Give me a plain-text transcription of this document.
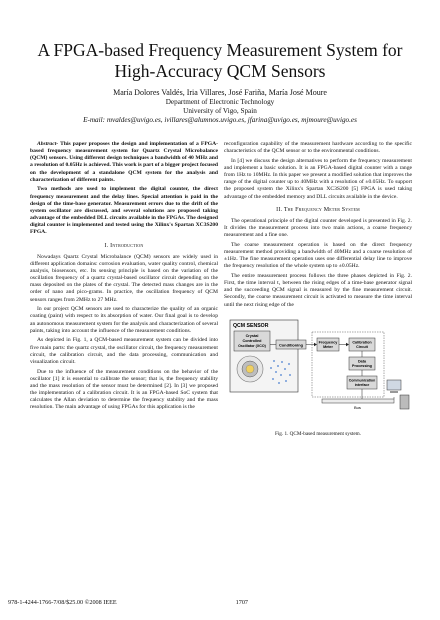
A FPGA-based Frequency Measurement System for
High-Accuracy QCM Sensors
María Dolores Valdés, Iria Villares, José Fariña, María José Moure
Department of Electronic Technology
University of Vigo, Spain
E-mail: mvaldes@uvigo.es, ivillares@alumnos.uvigo.es, jfarina@uvigo.es, mjmoure@uvigo.es

Abstract- This paper proposes the design and implementation of a FPGA-based frequency measurement system for Quartz Crystal Microbalance (QCM) sensors. Using different design techniques a bandwidth of 40 MHz and a resolution of 0.05Hz is achieved. This work is part of a bigger project focused on the development of a standalone QCM system for the analysis and characterization of different paints.

Two methods are used to implement the digital counter, the direct frequency measurement and the delay lines. Special attention is paid in the design of the time-base generator. Measurement errors due to the drift of the system oscillator are discussed, and several solutions are proposed taking advantage of the embedded DLL circuits available in the FPGAs. The designed digital counter is implemented and tested using the Xilinx's Spartan XC3S200 FPGA.

I. Introduction

Nowadays Quartz Crystal Microbalance (QCM) sensors are widely used in different application domains: corrosion evaluation, water quality control, chemical analysis, biosensors, etc. Its sensing principle is based on the variation of the oscillation frequency of a quartz crystal-based oscillator circuit depending on the mass deposited on the plates of the crystal. The detected mass changes are in the order of nano and pico-grams. In practice, the oscillation frequency of QCM sensors ranges from 2MHz to 27 MHz.

In our project QCM sensors are used to characterize the quality of an organic coating (paint) with respect to its absorption of water. Our final goal is to develop an autonomous measurement system for the analysis and characterization of several paints, taking into account the influence of the measurement conditions.

As depicted in Fig. 1, a QCM-based measurement system can be divided into five main parts: the quartz crystal, the oscillator circuit, the frequency measurement circuit, the calibration circuit, and the data processing, communication and visualization circuit.

Due to the influence of the measurement conditions on the behavior of the oscillator [1] it is essential to calibrate the sensor; that is, the frequency stability and the mass resolution of the sensor must be determined [2]. In [3] we proposed the implementation of a calibration circuit. It is an FPGA-based SoC system that calculates the Allan deviation to determine the frequency stability and the mass resolution. The main advantage of using FPGAs for this application is the

reconfiguration capability of the measurement hardware according to the specific characteristics of the QCM sensor or to the environmental conditions.

In [4] we discuss the design alternatives to perform the frequency measurement and implement a basic solution. It is an FPGA-based digital counter with a range from 1Hz to 10MHz. In this paper we present a modified solution that improves the range of the digital counter up to 40MHz with a resolution of ±0.05Hz. To support the proposed system the Xilinx's Spartan XC3S200 [5] FPGA is used taking advantage of the embedded memory and DLL circuits available in the device.

II. The Frequency Meter System

The operational principle of the digital counter developed is presented in Fig. 2. It divides the measurement process into two main actions, a coarse frequency measurement and a fine one.

The coarse measurement operation is based on the direct frequency measurement method providing a bandwidth of 40MHz and a coarse resolution of ±1Hz. The fine measurement operation uses one differential delay line to improve the frequency resolution of the whole system up to ±0.05Hz.

The entire measurement process follows the three phases depicted in Fig. 2. First, the time interval t₁ between the rising edges of a time-base generator signal and the succeeding QCM signal is measured by the fine measurement circuit. Secondly, the coarse measurement circuit is activated to measure the time interval until the next rising edge of the

QCM SENSOR
Crystal
Controlled
Oscillator (XCO)	Conditioning	Frequency
Meter
Calibration
Circuit
Data
Processing
Communication
interface
Bus
Fig. 1. QCM-based measurement system.
978-1-4244-1766-7/08/$25.00 ©2008 IEEE	1707
